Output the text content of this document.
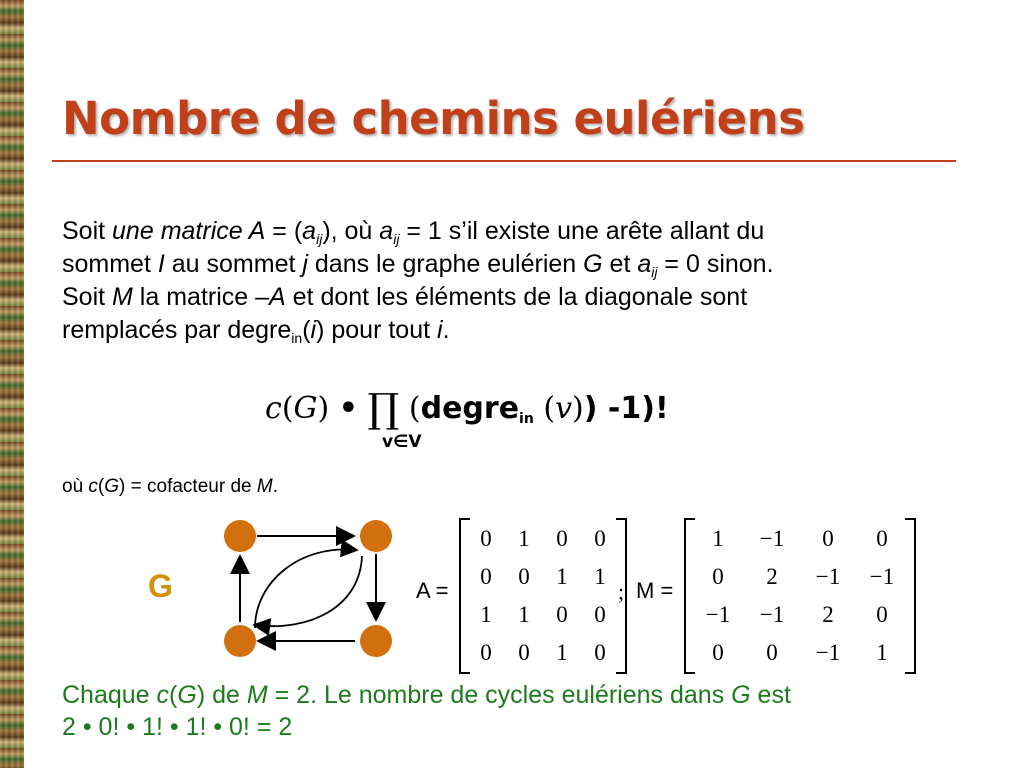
Nombre de chemins eulériens
Soit une matrice $A = (a_{ij})$, où $a_{ij} = 1$ s’il existe une arête allant du
sommet I au sommet j dans le graphe eulérien G et $a_{ij} = 0$ sinon.
Soit M la matrice –A et dont les éléments de la diagonale sont
remplacés par degre$_{in}$(i) pour tout i.
c(G) • ∏ (degre$_{in}$ (v)) -1)!
v∈V
où c(G) = cofacteur de M.
G	A =
0	1	0	0
0	0	1	1
1	1	0	0
0	0	1	0
; M =
1	−1	0	0
0	2	−1	−1
−1	−1	2	0
0	0	−1	1
Chaque c(G) de M = 2. Le nombre de cycles eulériens dans G est
2 • 0! • 1! • 1! • 0! = 2
